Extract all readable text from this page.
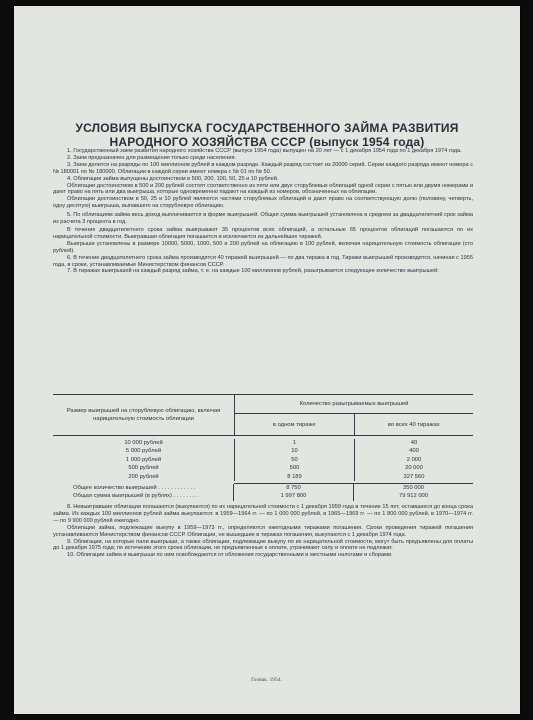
УСЛОВИЯ ВЫПУСКА ГОСУДАРСТВЕННОГО ЗАЙМА РАЗВИТИЯ
НАРОДНОГО ХОЗЯЙСТВА СССР (выпуск 1954 года)

1. Государственный заем развития народного хозяйства СССР (выпуск 1954 года) выпущен на 20 лет — с 1 декабря 1954 года по 1 декабря 1974 года.

2. Заем предназначен для размещения только среди населения.

3. Заем делится на разряды по 100 миллионов рублей в каждом разряде. Каждый разряд состоит из 20000 серий. Серии каждого разряда имеют номера с № 180001 по № 180000. Облигации в каждой серии имеют номера с № 01 по № 50.

4. Облигации займа выпущены достоинством в 500, 200, 100, 50, 25 и 10 рублей.

Облигации достоинством в 500 и 200 рублей состоят соответственно из пяти или двух сторублевых облигаций одной серии с пятью или двумя номерами и дают право на пять или два выигрыша, которые одновременно падают на каждый из номеров, обозначенных на облигации.

Облигации достоинством в 50, 25 и 10 рублей являются частями сторублевых облигаций и дают право на соответствующую долю (половину, четверть, одну десятую) выигрыша, выпавшего на сторублевую облигацию.

5. По облигациям займа весь доход выплачивается в форме выигрышей. Общая сумма выигрышей установлена в среднем за двадцатилетний срок займа из расчета 3 процента в год.

В течение двадцатилетнего срока займа выигрывают 35 процентов всех облигаций, а остальные 65 процентов облигаций погашаются по их нарицательной стоимости. Выигравшая облигация погашается и исключается из дальнейших тиражей.

Выигрыши установлены в размере 10000, 5000, 1000, 500 и 200 рублей на облигацию в 100 рублей, включая нарицательную стоимость облигации (сто рублей).

6. В течение двадцатилетнего срока займа производятся 40 тиражей выигрышей — по два тиража в год. Тиражи выигрышей производятся, начиная с 1955 года, в сроки, устанавливаемые Министерством финансов СССР.

7. В тиражах выигрышей на каждый разряд займа, т. е. на каждые 100 миллионов рублей, разыгрывается следующее количество выигрышей:

Размер выигрышей на сторублевую облигацию, включая нарицательную стоимость облигации
Количество разыгрываемых выигрышей
в одном тираже	во всех 40 тиражах
10 000 рублей	1	40
5 000 рублей	10	400
1 000 рублей	50	2 000
500 рублей	500	20 000
200 рублей	8 189	327 560
Общее количество выигрышей . . . . . . . . . . . .	8 750	350 000
Общая сумма выигрышей (в рублях) . . . . . . . .	1 997 800	79 912 000

8. Невыигравшие облигации погашаются (выкупаются) по их нарицательной стоимости с 1 декабря 1959 года в течение 15 лет, оставшихся до конца срока займа. Из каждых 100 миллионов рублей займа выкупаются: в 1959—1964 гг. — по 1 000 000 рублей, в 1965—1969 гг. — по 1 800 000 рублей, в 1970—1974 гг. — по 9 900 000 рублей ежегодно.

Облигации займа, подлежащие выкупу в 1959—1973 гг., определяются ежегодными тиражами погашения. Сроки проведения тиражей погашения устанавливаются Министерством финансов СССР. Облигации, не вышедшие в тиражах погашения, выкупаются с 1 декабря 1974 года.

9. Облигации, на которые пали выигрыши, а также облигации, подлежащие выкупу по их нарицательной стоимости, могут быть предъявлены для оплаты до 1 декабря 1975 года; по истечении этого срока облигации, не предъявленные к оплате, утрачивают силу и оплате не подлежат.

10. Облигации займа и выигрыши по ним освобождаются от обложения государственными и местными налогами и сборами.

Гознак. 1954.
